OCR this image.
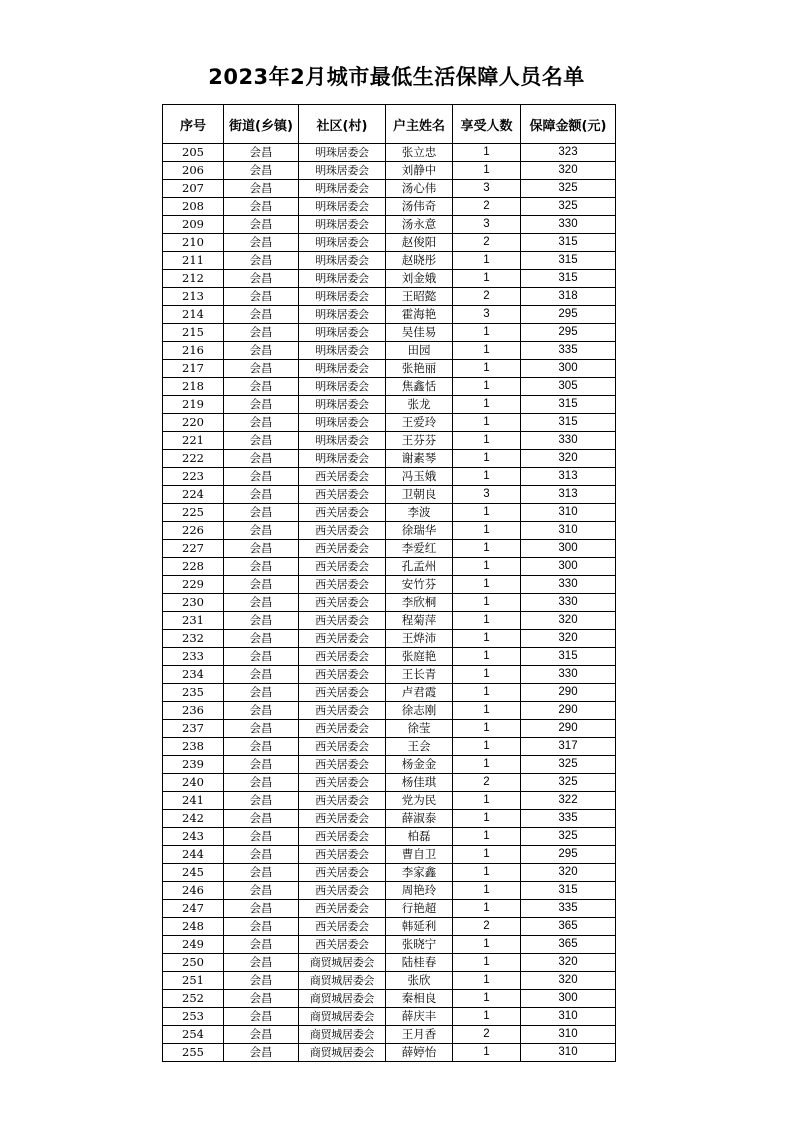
2023年2月城市最低生活保障人员名单
序号	街道(乡镇)	社区(村)	户主姓名	享受人数	保障金额(元)
205	会昌	明珠居委会	张立忠	1	323
206	会昌	明珠居委会	刘静中	1	320
207	会昌	明珠居委会	汤心伟	3	325
208	会昌	明珠居委会	汤伟奇	2	325
209	会昌	明珠居委会	汤永意	3	330
210	会昌	明珠居委会	赵俊阳	2	315
211	会昌	明珠居委会	赵晓彤	1	315
212	会昌	明珠居委会	刘金娥	1	315
213	会昌	明珠居委会	王昭懿	2	318
214	会昌	明珠居委会	霍海艳	3	295
215	会昌	明珠居委会	吴佳易	1	295
216	会昌	明珠居委会	田园	1	335
217	会昌	明珠居委会	张艳丽	1	300
218	会昌	明珠居委会	焦鑫恬	1	305
219	会昌	明珠居委会	张龙	1	315
220	会昌	明珠居委会	王爱玲	1	315
221	会昌	明珠居委会	王芬芬	1	330
222	会昌	明珠居委会	谢素琴	1	320
223	会昌	西关居委会	冯玉娥	1	313
224	会昌	西关居委会	卫朝良	3	313
225	会昌	西关居委会	李波	1	310
226	会昌	西关居委会	徐瑞华	1	310
227	会昌	西关居委会	李爱红	1	300
228	会昌	西关居委会	孔孟州	1	300
229	会昌	西关居委会	安竹芬	1	330
230	会昌	西关居委会	李欣桐	1	330
231	会昌	西关居委会	程菊萍	1	320
232	会昌	西关居委会	王烨沛	1	320
233	会昌	西关居委会	张庭艳	1	315
234	会昌	西关居委会	王长青	1	330
235	会昌	西关居委会	卢君霞	1	290
236	会昌	西关居委会	徐志刚	1	290
237	会昌	西关居委会	徐莹	1	290
238	会昌	西关居委会	王会	1	317
239	会昌	西关居委会	杨金金	1	325
240	会昌	西关居委会	杨佳琪	2	325
241	会昌	西关居委会	党为民	1	322
242	会昌	西关居委会	薛淑泰	1	335
243	会昌	西关居委会	柏磊	1	325
244	会昌	西关居委会	曹自卫	1	295
245	会昌	西关居委会	李家鑫	1	320
246	会昌	西关居委会	周艳玲	1	315
247	会昌	西关居委会	行艳超	1	335
248	会昌	西关居委会	韩延利	2	365
249	会昌	西关居委会	张晓宁	1	365
250	会昌	商贸城居委会	陆桂春	1	320
251	会昌	商贸城居委会	张欣	1	320
252	会昌	商贸城居委会	秦相良	1	300
253	会昌	商贸城居委会	薛庆丰	1	310
254	会昌	商贸城居委会	王月香	2	310
255	会昌	商贸城居委会	薛婷怡	1	310
